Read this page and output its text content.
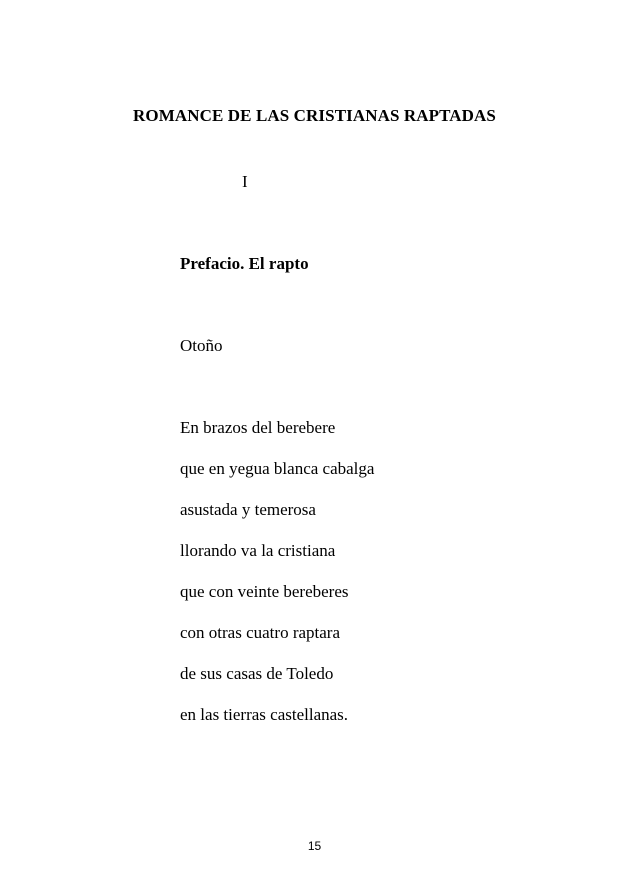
ROMANCE DE LAS CRISTIANAS RAPTADAS
I
Prefacio. El rapto
Otoño
En brazos del berebere
que en yegua blanca cabalga
asustada y temerosa
llorando va la cristiana
que con veinte bereberes
con otras cuatro raptara
de sus casas de Toledo
en las tierras castellanas.
15
